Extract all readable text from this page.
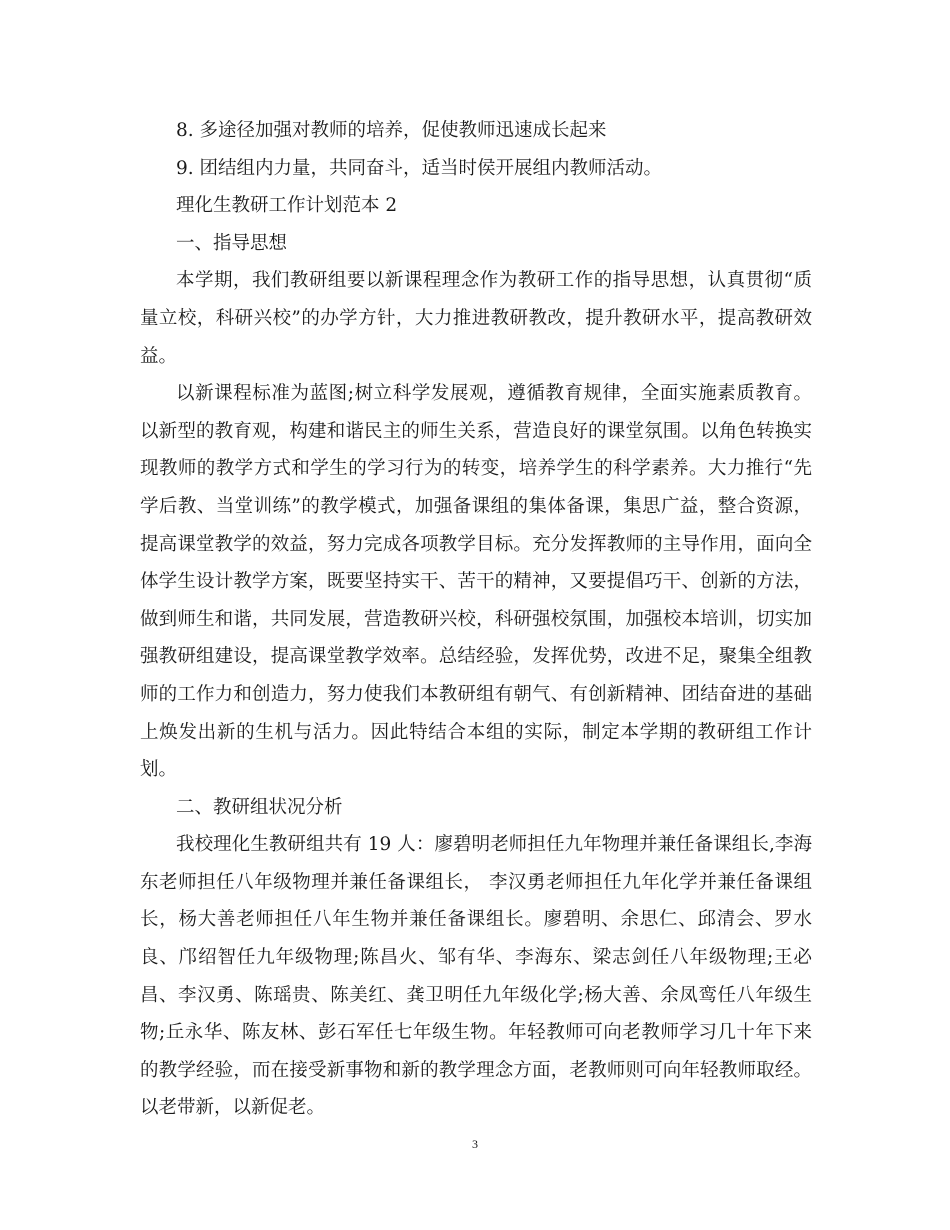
8. 多途径加强对教师的培养，促使教师迅速成长起来
9. 团结组内力量，共同奋斗，适当时侯开展组内教师活动。
理化生教研工作计划范本 2
一、指导思想
本学期，我们教研组要以新课程理念作为教研工作的指导思想，认真贯彻“质
量立校，科研兴校”的办学方针，大力推进教研教改，提升教研水平，提高教研效
益。
以新课程标准为蓝图;树立科学发展观，遵循教育规律，全面实施素质教育。
以新型的教育观，构建和谐民主的师生关系，营造良好的课堂氛围。以角色转换实
现教师的教学方式和学生的学习行为的转变，培养学生的科学素养。大力推行“先
学后教、当堂训练”的教学模式，加强备课组的集体备课，集思广益，整合资源，
提高课堂教学的效益，努力完成各项教学目标。充分发挥教师的主导作用，面向全
体学生设计教学方案，既要坚持实干、苦干的精神，又要提倡巧干、创新的方法，
做到师生和谐，共同发展，营造教研兴校，科研强校氛围，加强校本培训，切实加
强教研组建设，提高课堂教学效率。总结经验，发挥优势，改进不足，聚集全组教
师的工作力和创造力，努力使我们本教研组有朝气、有创新精神、团结奋进的基础
上焕发出新的生机与活力。因此特结合本组的实际，制定本学期的教研组工作计
划。
二、教研组状况分析
我校理化生教研组共有 19 人：廖碧明老师担任九年物理并兼任备课组长,李海
东老师担任八年级物理并兼任备课组长， 李汉勇老师担任九年化学并兼任备课组
长，杨大善老师担任八年生物并兼任备课组长。廖碧明、余思仁、邱清会、罗水
良、邝绍智任九年级物理;陈昌火、邹有华、李海东、梁志剑任八年级物理;王必
昌、李汉勇、陈瑶贵、陈美红、龚卫明任九年级化学;杨大善、余凤鸾任八年级生
物;丘永华、陈友林、彭石军任七年级生物。年轻教师可向老教师学习几十年下来
的教学经验，而在接受新事物和新的教学理念方面，老教师则可向年轻教师取经。
以老带新，以新促老。
3
